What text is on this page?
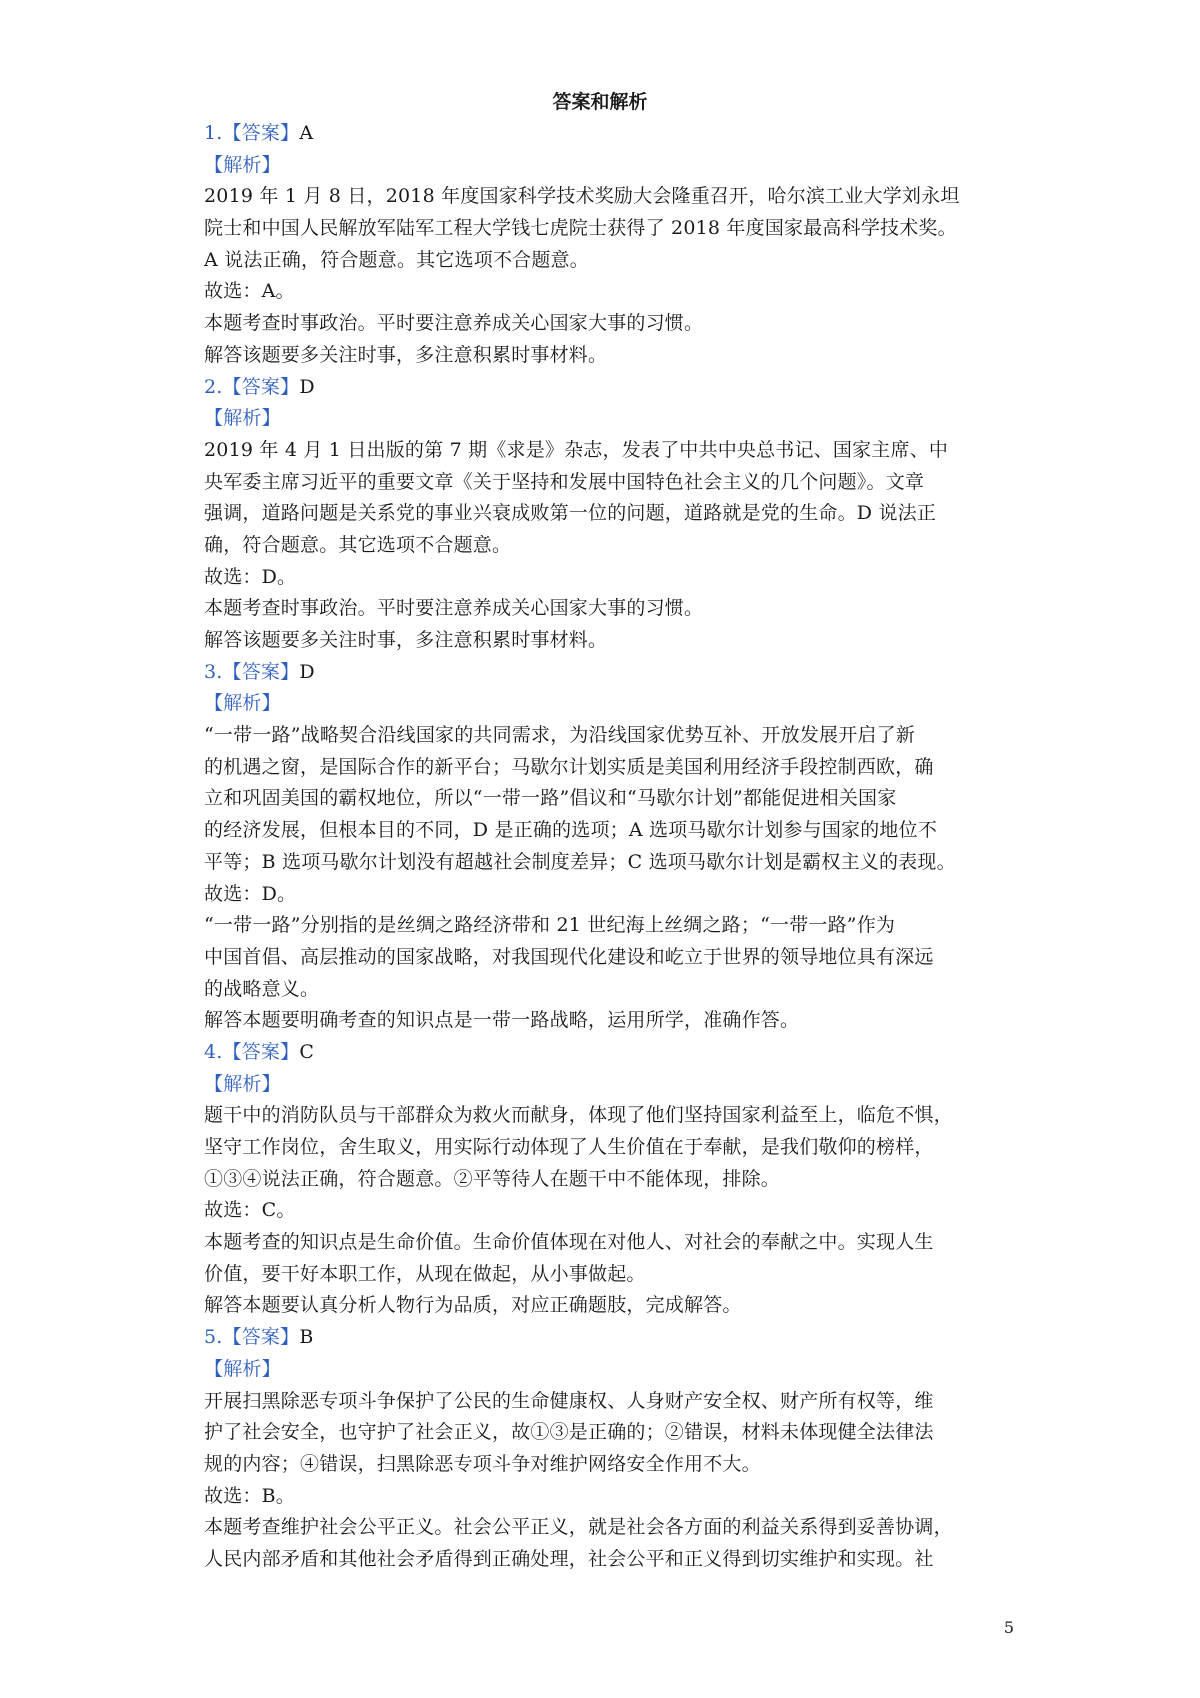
答案和解析
1.【答案】A
【解析】
2019 年 1 月 8 日，2018 年度国家科学技术奖励大会隆重召开，哈尔滨工业大学刘永坦
院士和中国人民解放军陆军工程大学钱七虎院士获得了 2018 年度国家最高科学技术奖。
A 说法正确，符合题意。其它选项不合题意。
故选：A。
本题考查时事政治。平时要注意养成关心国家大事的习惯。
解答该题要多关注时事，多注意积累时事材料。
2.【答案】D
【解析】
2019 年 4 月 1 日出版的第 7 期《求是》杂志，发表了中共中央总书记、国家主席、中
央军委主席习近平的重要文章《关于坚持和发展中国特色社会主义的几个问题》。文章
强调，道路问题是关系党的事业兴衰成败第一位的问题，道路就是党的生命。D 说法正
确，符合题意。其它选项不合题意。
故选：D。
本题考查时事政治。平时要注意养成关心国家大事的习惯。
解答该题要多关注时事，多注意积累时事材料。
3.【答案】D
【解析】
“一带一路”战略契合沿线国家的共同需求，为沿线国家优势互补、开放发展开启了新
的机遇之窗，是国际合作的新平台；马歇尔计划实质是美国利用经济手段控制西欧，确
立和巩固美国的霸权地位，所以“一带一路”倡议和“马歇尔计划”都能促进相关国家
的经济发展，但根本目的不同，D 是正确的选项；A 选项马歇尔计划参与国家的地位不
平等；B 选项马歇尔计划没有超越社会制度差异；C 选项马歇尔计划是霸权主义的表现。
故选：D。
“一带一路”分别指的是丝绸之路经济带和 21 世纪海上丝绸之路；“一带一路”作为
中国首倡、高层推动的国家战略，对我国现代化建设和屹立于世界的领导地位具有深远
的战略意义。
解答本题要明确考查的知识点是一带一路战略，运用所学，准确作答。
4.【答案】C
【解析】
题干中的消防队员与干部群众为救火而献身，体现了他们坚持国家利益至上，临危不惧，
坚守工作岗位，舍生取义，用实际行动体现了人生价值在于奉献，是我们敬仰的榜样，
①③④说法正确，符合题意。②平等待人在题干中不能体现，排除。
故选：C。
本题考查的知识点是生命价值。生命价值体现在对他人、对社会的奉献之中。实现人生
价值，要干好本职工作，从现在做起，从小事做起。
解答本题要认真分析人物行为品质，对应正确题肢，完成解答。
5.【答案】B
【解析】
开展扫黑除恶专项斗争保护了公民的生命健康权、人身财产安全权、财产所有权等，维
护了社会安全，也守护了社会正义，故①③是正确的；②错误，材料未体现健全法律法
规的内容；④错误，扫黑除恶专项斗争对维护网络安全作用不大。
故选：B。
本题考查维护社会公平正义。社会公平正义，就是社会各方面的利益关系得到妥善协调，
人民内部矛盾和其他社会矛盾得到正确处理，社会公平和正义得到切实维护和实现。社
5
